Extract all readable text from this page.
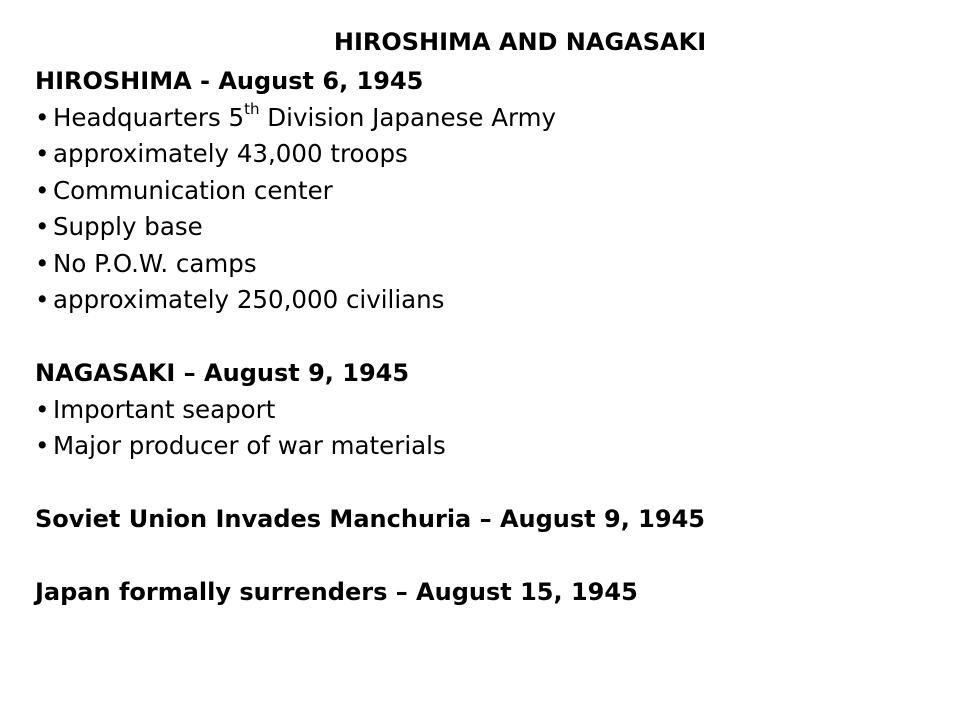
HIROSHIMA AND NAGASAKI
HIROSHIMA - August 6, 1945
• Headquarters 5th Division Japanese Army
• approximately 43,000 troops
• Communication center
• Supply base
• No P.O.W. camps
• approximately 250,000 civilians
NAGASAKI – August 9, 1945
• Important seaport
• Major producer of war materials
Soviet Union Invades Manchuria – August 9, 1945
Japan formally surrenders – August 15, 1945
